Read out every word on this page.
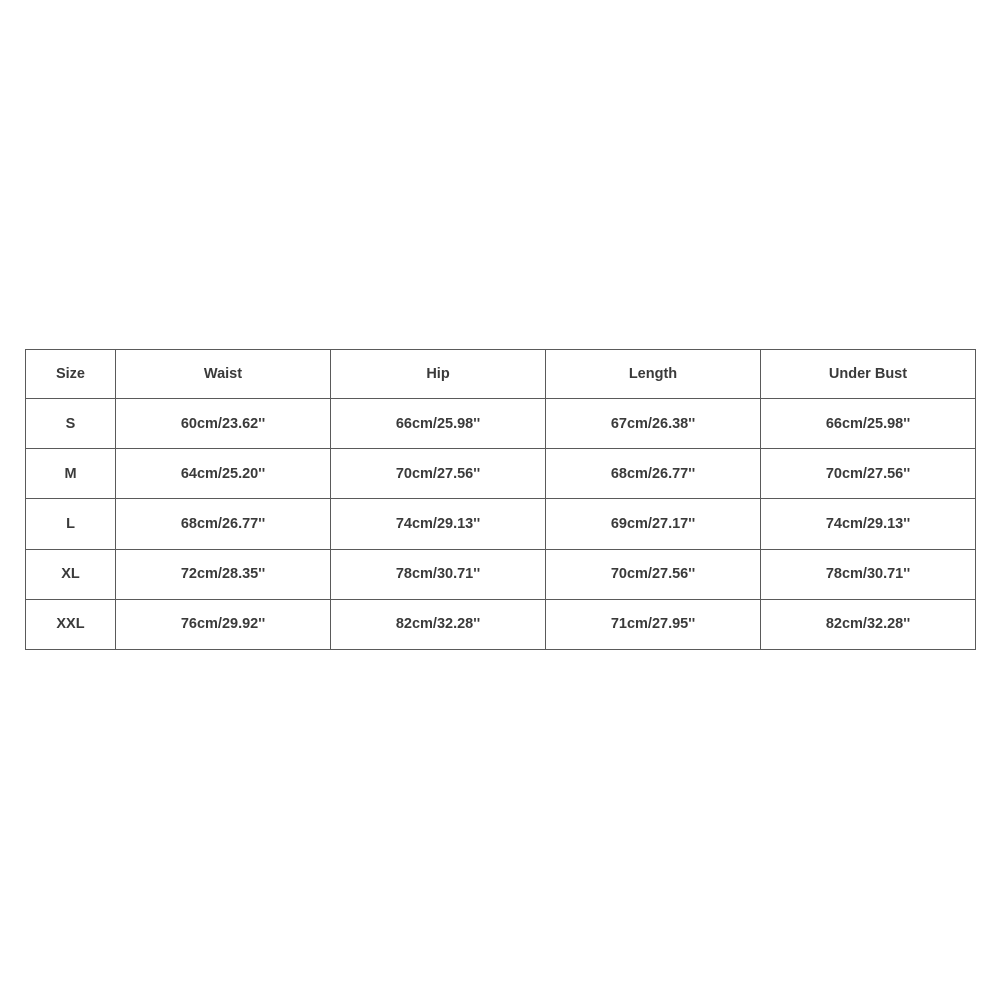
Size	Waist	Hip	Length	Under Bust
S	60cm/23.62''	66cm/25.98''	67cm/26.38''	66cm/25.98''
M	64cm/25.20''	70cm/27.56''	68cm/26.77''	70cm/27.56''
L	68cm/26.77''	74cm/29.13''	69cm/27.17''	74cm/29.13''
XL	72cm/28.35''	78cm/30.71''	70cm/27.56''	78cm/30.71''
XXL	76cm/29.92''	82cm/32.28''	71cm/27.95''	82cm/32.28''
